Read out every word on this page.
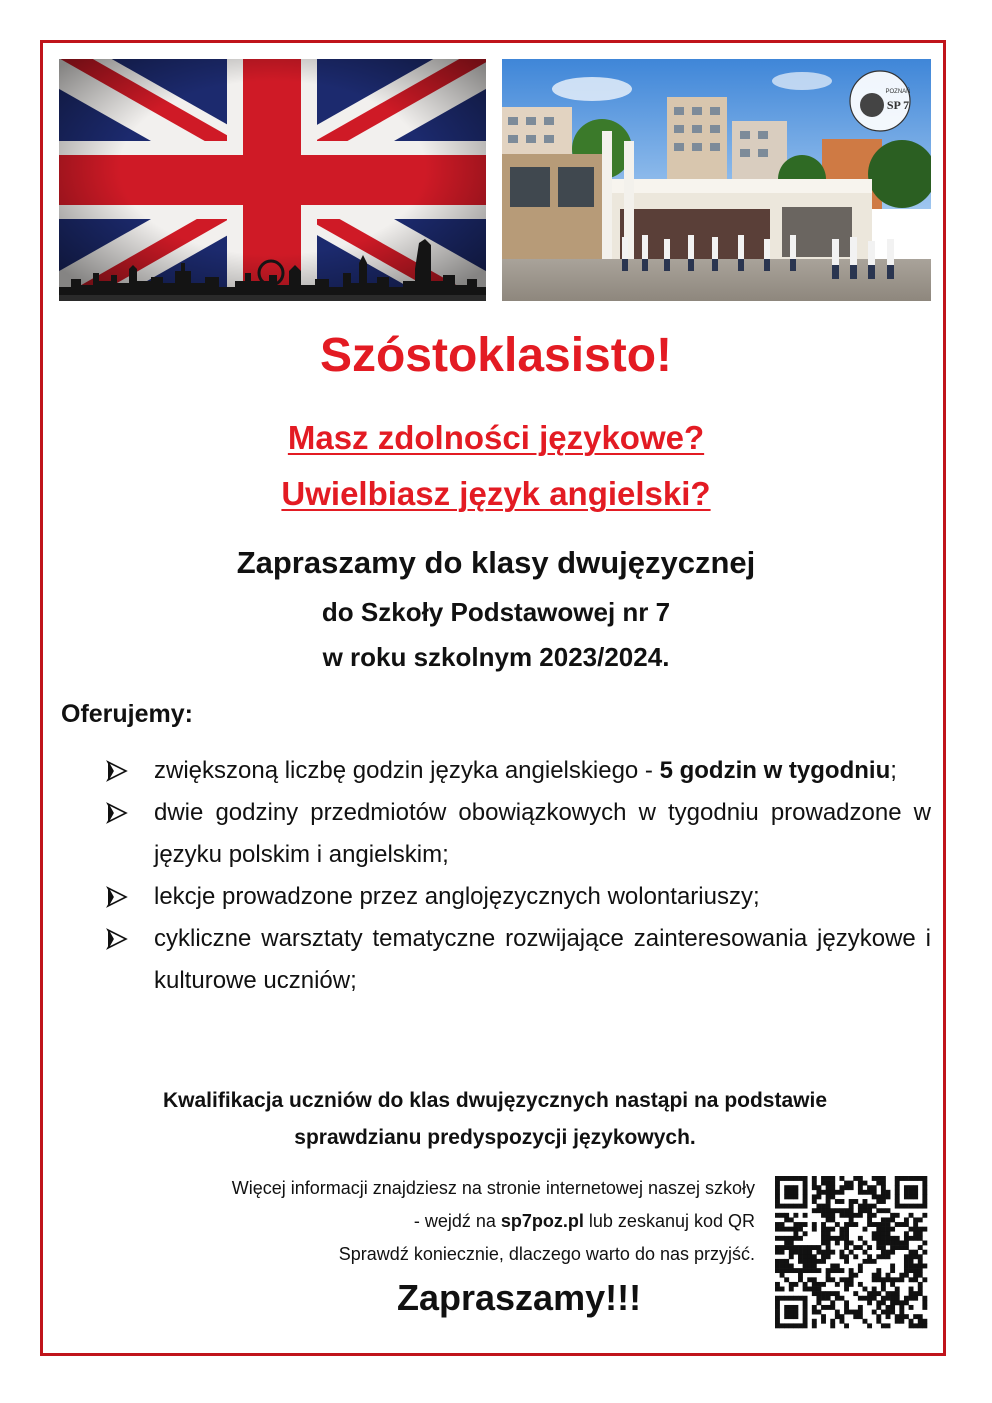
SP 7
POZNAŃ
Szóstoklasisto!
Masz zdolności językowe?
Uwielbiasz język angielski?
Zapraszamy do klasy dwujęzycznej
do Szkoły Podstawowej nr 7
w roku szkolnym 2023/2024.
Oferujemy:
zwiększoną liczbę godzin języka angielskiego - 5 godzin w tygodniu;
dwie godziny przedmiotów obowiązkowych w tygodniu prowadzone w języku polskim i angielskim;
lekcje prowadzone przez anglojęzycznych wolontariuszy;
cykliczne warsztaty tematyczne rozwijające zainteresowania językowe i kulturowe uczniów;
Kwalifikacja uczniów do klas dwujęzycznych nastąpi na podstawie
sprawdzianu predyspozycji językowych.
Więcej informacji znajdziesz na stronie internetowej naszej szkoły
- wejdź na sp7poz.pl lub zeskanuj kod QR
Sprawdź koniecznie, dlaczego warto do nas przyjść.
Zapraszamy!!!
